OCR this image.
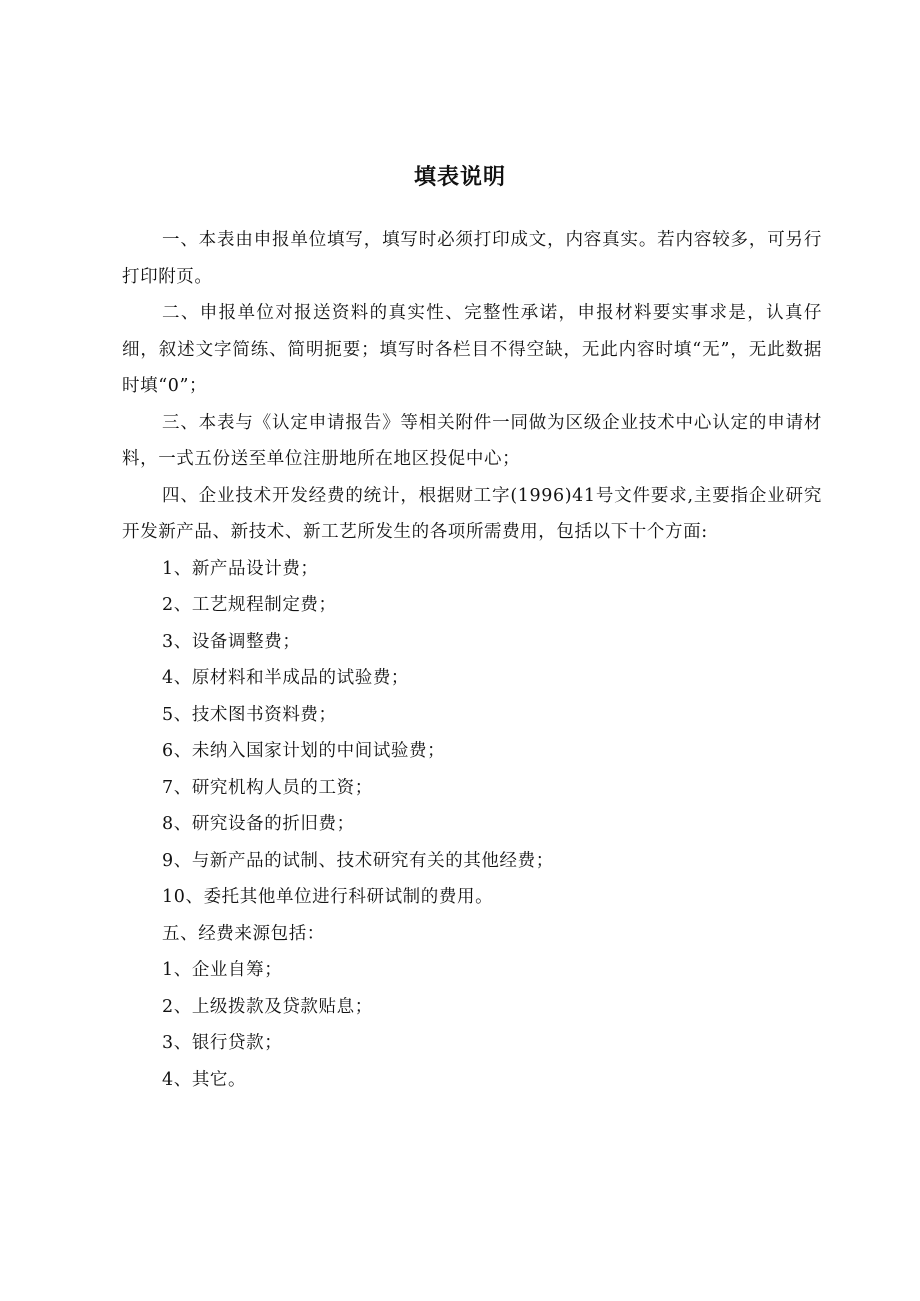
填表说明

一、本表由申报单位填写，填写时必须打印成文，内容真实。若内容较多，可另行打印附页。

二、申报单位对报送资料的真实性、完整性承诺，申报材料要实事求是，认真仔细，叙述文字简练、简明扼要；填写时各栏目不得空缺，无此内容时填“无”，无此数据时填“0”；

三、本表与《认定申请报告》等相关附件一同做为区级企业技术中心认定的申请材料，一式五份送至单位注册地所在地区投促中心；

四、企业技术开发经费的统计，根据财工字(1996)41号文件要求,主要指企业研究开发新产品、新技术、新工艺所发生的各项所需费用，包括以下十个方面:

1、新产品设计费；

2、工艺规程制定费；

3、设备调整费；

4、原材料和半成品的试验费；

5、技术图书资料费；

6、未纳入国家计划的中间试验费；

7、研究机构人员的工资；

8、研究设备的折旧费；

9、与新产品的试制、技术研究有关的其他经费；

10、委托其他单位进行科研试制的费用。

五、经费来源包括：

1、企业自筹；

2、上级拨款及贷款贴息；

3、银行贷款；

4、其它。
